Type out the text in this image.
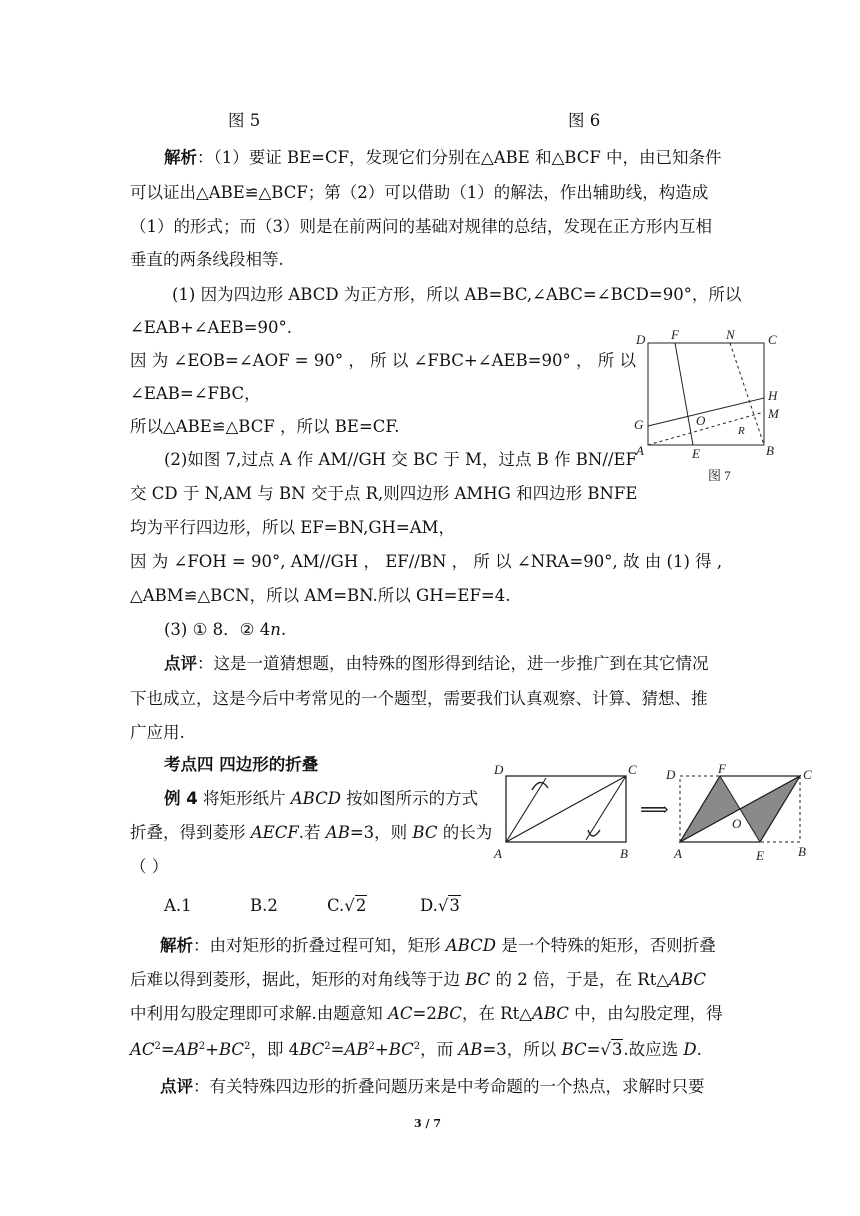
图 5	图 6
解析：（1）要证 BE=CF，发现它们分别在△ABE 和△BCF 中，由已知条件
可以证出△ABE≌△BCF；第（2）可以借助（1）的解法，作出辅助线，构造成
（1）的形式；而（3）则是在前两问的基础对规律的总结，发现在正方形内互相
垂直的两条线段相等.
(1) 因为四边形 ABCD 为正方形，所以 AB=BC,∠ABC=∠BCD=90°，所以
∠EAB+∠AEB=90°.
因 为 ∠EOB=∠AOF = 90° ， 所 以 ∠FBC+∠AEB=90° ， 所 以
∠EAB=∠FBC，
所以△ABE≌△BCF ，所以 BE=CF.
(2)如图 7,过点 A 作 AM//GH 交 BC 于 M，过点 B 作 BN//EF
交 CD 于 N,AM 与 BN 交于点 R,则四边形 AMHG 和四边形 BNFE
均为平行四边形，所以 EF=BN,GH=AM，
因 为 ∠FOH = 90°, AM//GH ， EF//BN ， 所 以 ∠NRA=90°, 故 由 (1) 得 ,
△ABM≌△BCN，所以 AM=BN.所以 GH=EF=4.
(3) ① 8．② 4n.
D F	N	C
H
M
G	O
R
A	E	B
图 7
点评：这是一道猜想题，由特殊的图形得到结论，进一步推广到在其它情况
下也成立，这是今后中考常见的一个题型，需要我们认真观察、计算、猜想、推
广应用.
考点四 四边形的折叠
例 4 将矩形纸片 ABCD 按如图所示的方式
折叠，得到菱形 AECF.若 AB=3，则 BC 的长为
（ ）
A.1	B.2	C.√2	D.√3
D	C
A	B
⟹
D	F	C
O
A	E	B
解析：由对矩形的折叠过程可知，矩形 ABCD 是一个特殊的矩形，否则折叠
后难以得到菱形，据此，矩形的对角线等于边 BC 的 2 倍，于是，在 Rt△ABC
中利用勾股定理即可求解.由题意知 AC=2BC，在 Rt△ABC 中，由勾股定理，得
$AC^2=AB^2+BC^2$，即 $4BC^2=AB^2+BC^2$，而 AB=3，所以 BC=√3.故应选 D.
点评：有关特殊四边形的折叠问题历来是中考命题的一个热点，求解时只要
3 / 7
